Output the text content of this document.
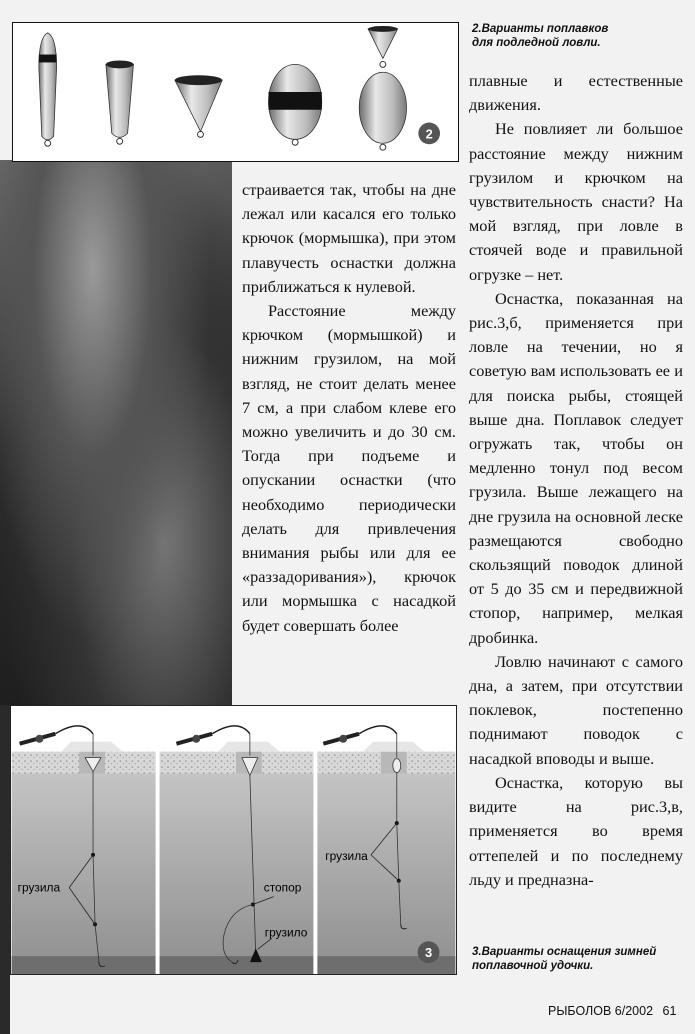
2
2.Варианты поплавков
для подледной ловли.

страивается так, чтобы на дне лежал или касался его только крючок (мормышка), при этом плавучесть оснастки должна приближаться к нулевой.

Расстояние между крючком (мормышкой) и нижним грузилом, на мой взгляд, не стоит делать менее 7 см, а при слабом клеве его можно увеличить и до 30 см. Тогда при подъеме и опускании оснастки (что необходимо периодически делать для привлечения внимания рыбы или для ее «раззадоривания»), крючок или мормышка с насадкой будет совершать более

плавные и естественные движения.

Не повлияет ли большое расстояние между нижним грузилом и крючком на чувствительность снасти? На мой взгляд, при ловле в стоячей воде и правильной огрузке – нет.

Оснастка, показанная на рис.3,б, применяется при ловле на течении, но я советую вам использовать ее и для поиска рыбы, стоящей выше дна. Поплавок следует огружать так, чтобы он медленно тонул под весом грузила. Выше лежащего на дне грузила на основной леске размещаются свободно скользящий поводок длиной от 5 до 35 см и передвижной стопор, например, мелкая дробинка.

Ловлю начинают с самого дна, а затем, при отсутствии поклевок, постепенно поднимают поводок с насадкой вповоды и выше.

Оснастка, которую вы видите на рис.3,в, применяется во время оттепелей и по последнему льду и предназна-

грузила	стопор
грузило
грузила
3	3.Варианты оснащения зимней
поплавочной удочки.
РЫБОЛОВ 6/2002 61
